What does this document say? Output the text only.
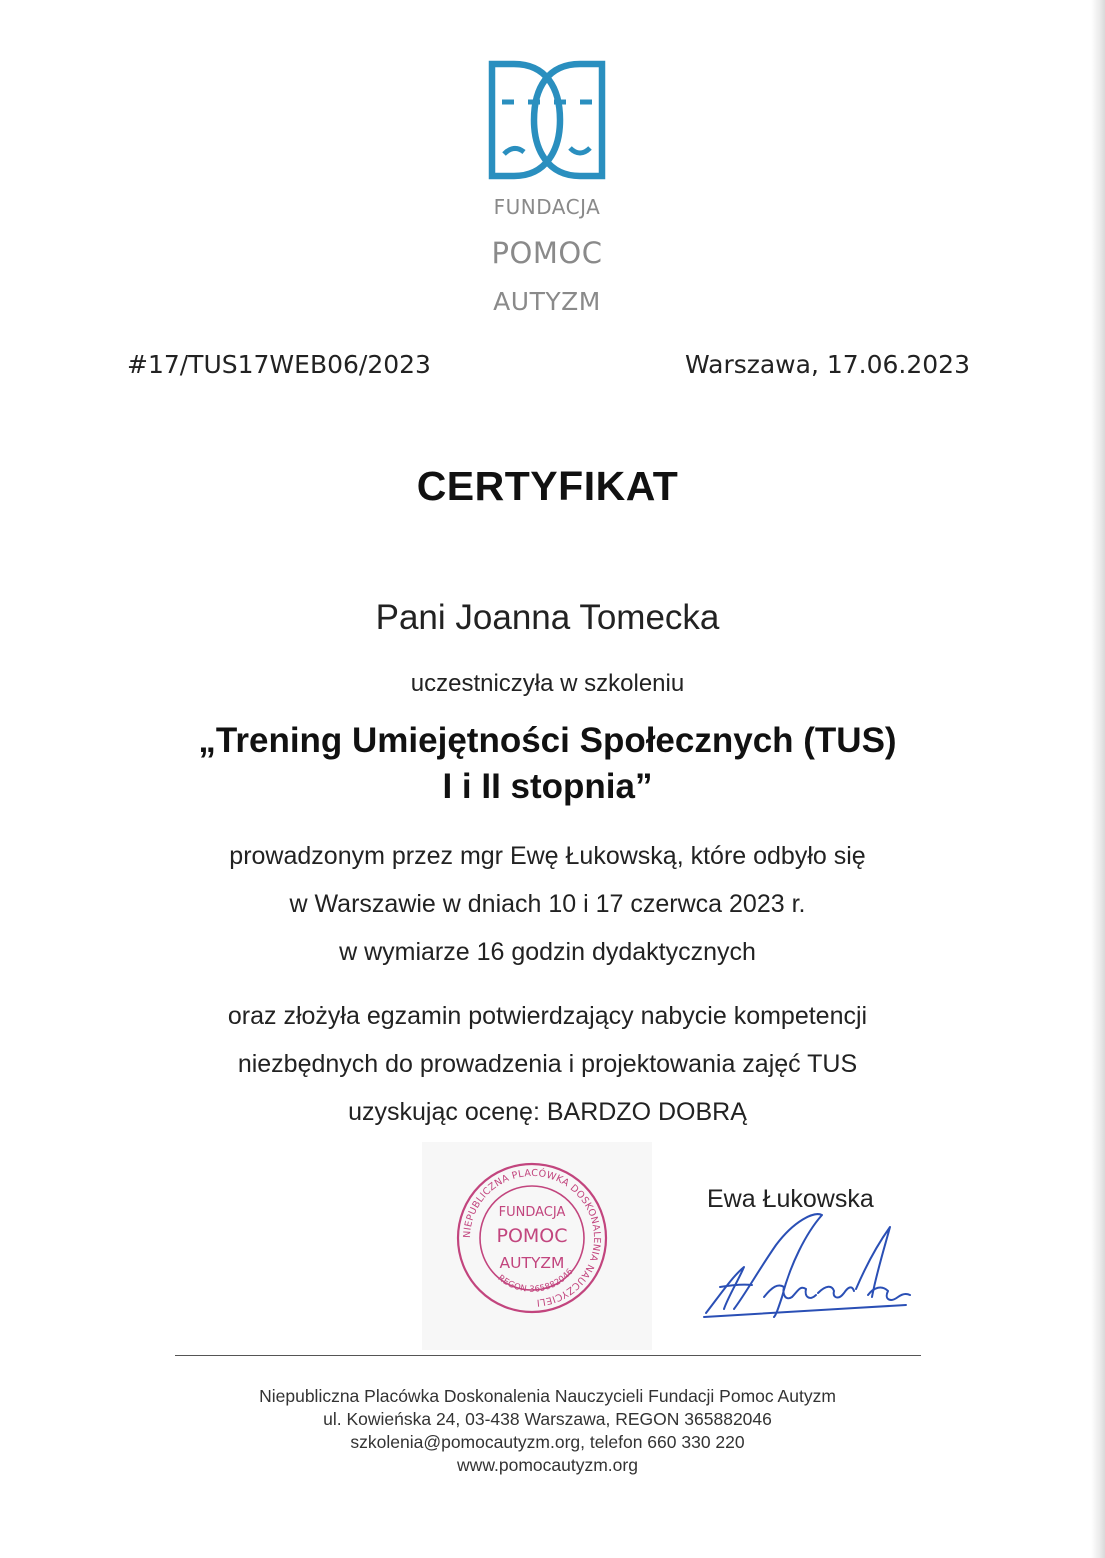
FUNDACJA
POMOC
AUTYZM
#17/TUS17WEB06/2023	Warszawa, 17.06.2023
CERTYFIKAT
Pani Joanna Tomecka
uczestniczyła w szkoleniu
„Trening Umiejętności Społecznych (TUS)
I i II stopnia”
prowadzonym przez mgr Ewę Łukowską, które odbyło się
w Warszawie w dniach 10 i 17 czerwca 2023 r.
w wymiarze 16 godzin dydaktycznych
oraz złożyła egzamin potwierdzający nabycie kompetencji
niezbędnych do prowadzenia i projektowania zajęć TUS
uzyskując ocenę: BARDZO DOBRĄ
NIEPUBLICZNA PLACÓWKA DOSKONALENIA NAUCZYCIELI
REGON 365882046
FUNDACJA
POMOC
AUTYZM
Ewa Łukowska
Niepubliczna Placówka Doskonalenia Nauczycieli Fundacji Pomoc Autyzm
ul. Kowieńska 24, 03-438 Warszawa, REGON 365882046
szkolenia@pomocautyzm.org, telefon 660 330 220
www.pomocautyzm.org
